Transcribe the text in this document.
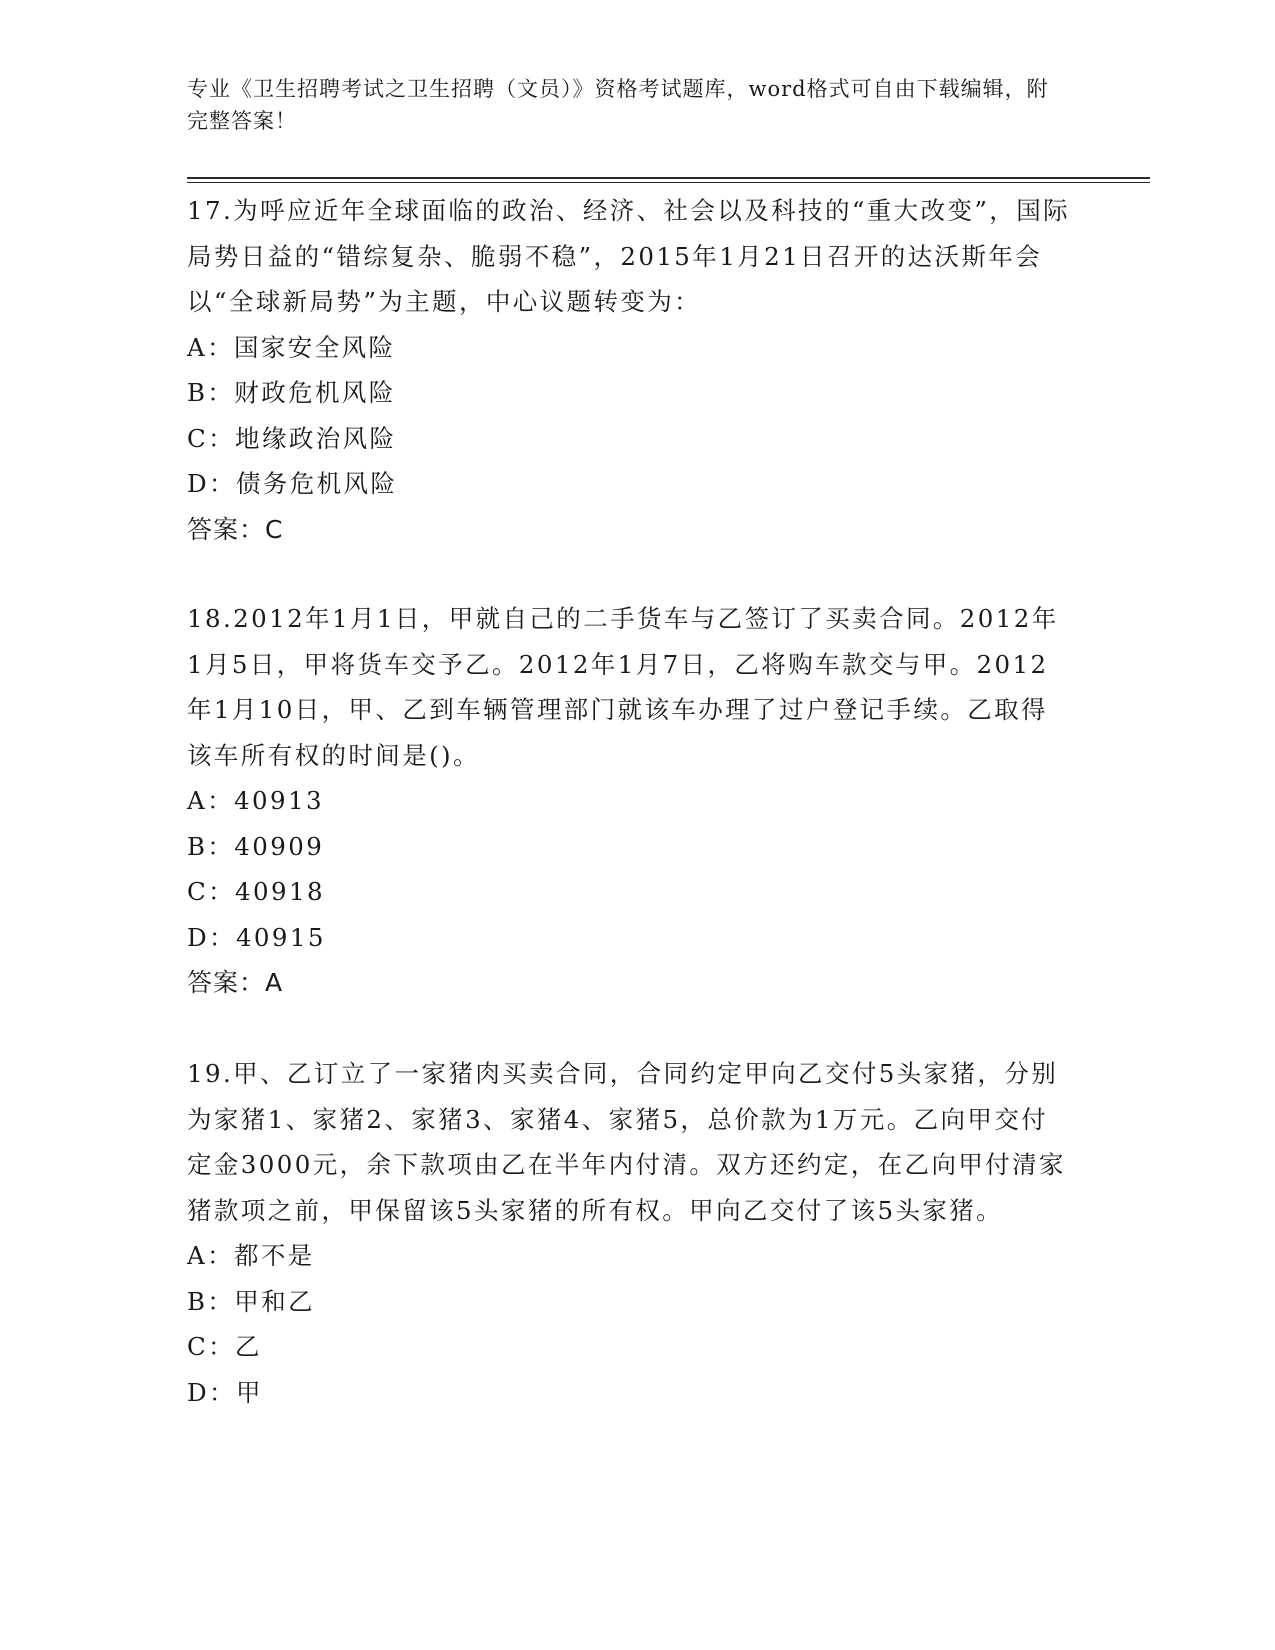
专业《卫生招聘考试之卫生招聘（文员）》资格考试题库，word格式可自由下载编辑，附完整答案！

17.为呼应近年全球面临的政治、经济、社会以及科技的“重大改变”，国际局势日益的“错综复杂、脆弱不稳”，2015年1月21日召开的达沃斯年会以“全球新局势”为主题，中心议题转变为：

A：国家安全风险

B：财政危机风险

C：地缘政治风险

D：债务危机风险

答案：C

18.2012年1月1日，甲就自己的二手货车与乙签订了买卖合同。2012年1月5日，甲将货车交予乙。2012年1月7日，乙将购车款交与甲。2012年1月10日，甲、乙到车辆管理部门就该车办理了过户登记手续。乙取得该车所有权的时间是()。

A：40913

B：40909

C：40918

D：40915

答案：A

19.甲、乙订立了一家猪肉买卖合同，合同约定甲向乙交付5头家猪，分别为家猪1、家猪2、家猪3、家猪4、家猪5，总价款为1万元。乙向甲交付定金3000元，余下款项由乙在半年内付清。双方还约定，在乙向甲付清家猪款项之前，甲保留该5头家猪的所有权。甲向乙交付了该5头家猪。

A：都不是

B：甲和乙

C：乙

D：甲
